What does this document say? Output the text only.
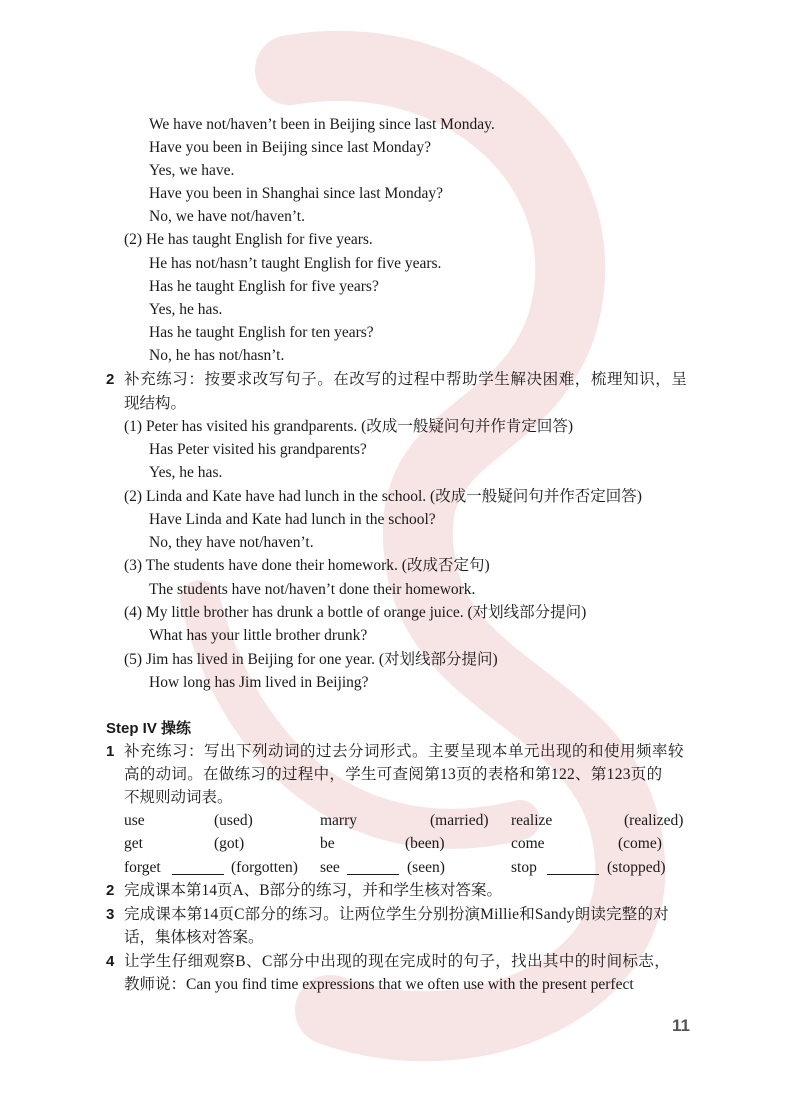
We have not/haven’t been in Beijing since last Monday.
Have you been in Beijing since last Monday?
Yes, we have.
Have you been in Shanghai since last Monday?
No, we have not/haven’t.
(2) He has taught English for five years.
He has not/hasn’t taught English for five years.
Has he taught English for five years?
Yes, he has.
Has he taught English for ten years?
No, he has not/hasn’t.
2 补充练习：按要求改写句子。在改写的过程中帮助学生解决困难，梳理知识，呈
现结构。
(1) Peter has visited his grandparents. (改成一般疑问句并作肯定回答)
Has Peter visited his grandparents?
Yes, he has.
(2) Linda and Kate have had lunch in the school. (改成一般疑问句并作否定回答)
Have Linda and Kate had lunch in the school?
No, they have not/haven’t.
(3) The students have done their homework. (改成否定句)
The students have not/haven’t done their homework.
(4) My little brother has drunk a bottle of orange juice. (对划线部分提问)
What has your little brother drunk?
(5) Jim has lived in Beijing for one year. (对划线部分提问)
How long has Jim lived in Beijing?
Step IV 操练
1 补充练习：写出下列动词的过去分词形式。主要呈现本单元出现的和使用频率较
高的动词。在做练习的过程中，学生可查阅第13页的表格和第122、第123页的
不规则动词表。
use	(used)	marry	(married) realize	(realized)
get	(got)	be	(been)	come	(come)
forget	(forgotten) see	(seen)	stop	(stopped)
2 完成课本第14页A、B部分的练习，并和学生核对答案。
3 完成课本第14页C部分的练习。让两位学生分别扮演Millie和Sandy朗读完整的对
话，集体核对答案。
4 让学生仔细观察B、C部分中出现的现在完成时的句子，找出其中的时间标志，
教师说：Can you find time expressions that we often use with the present perfect
11
